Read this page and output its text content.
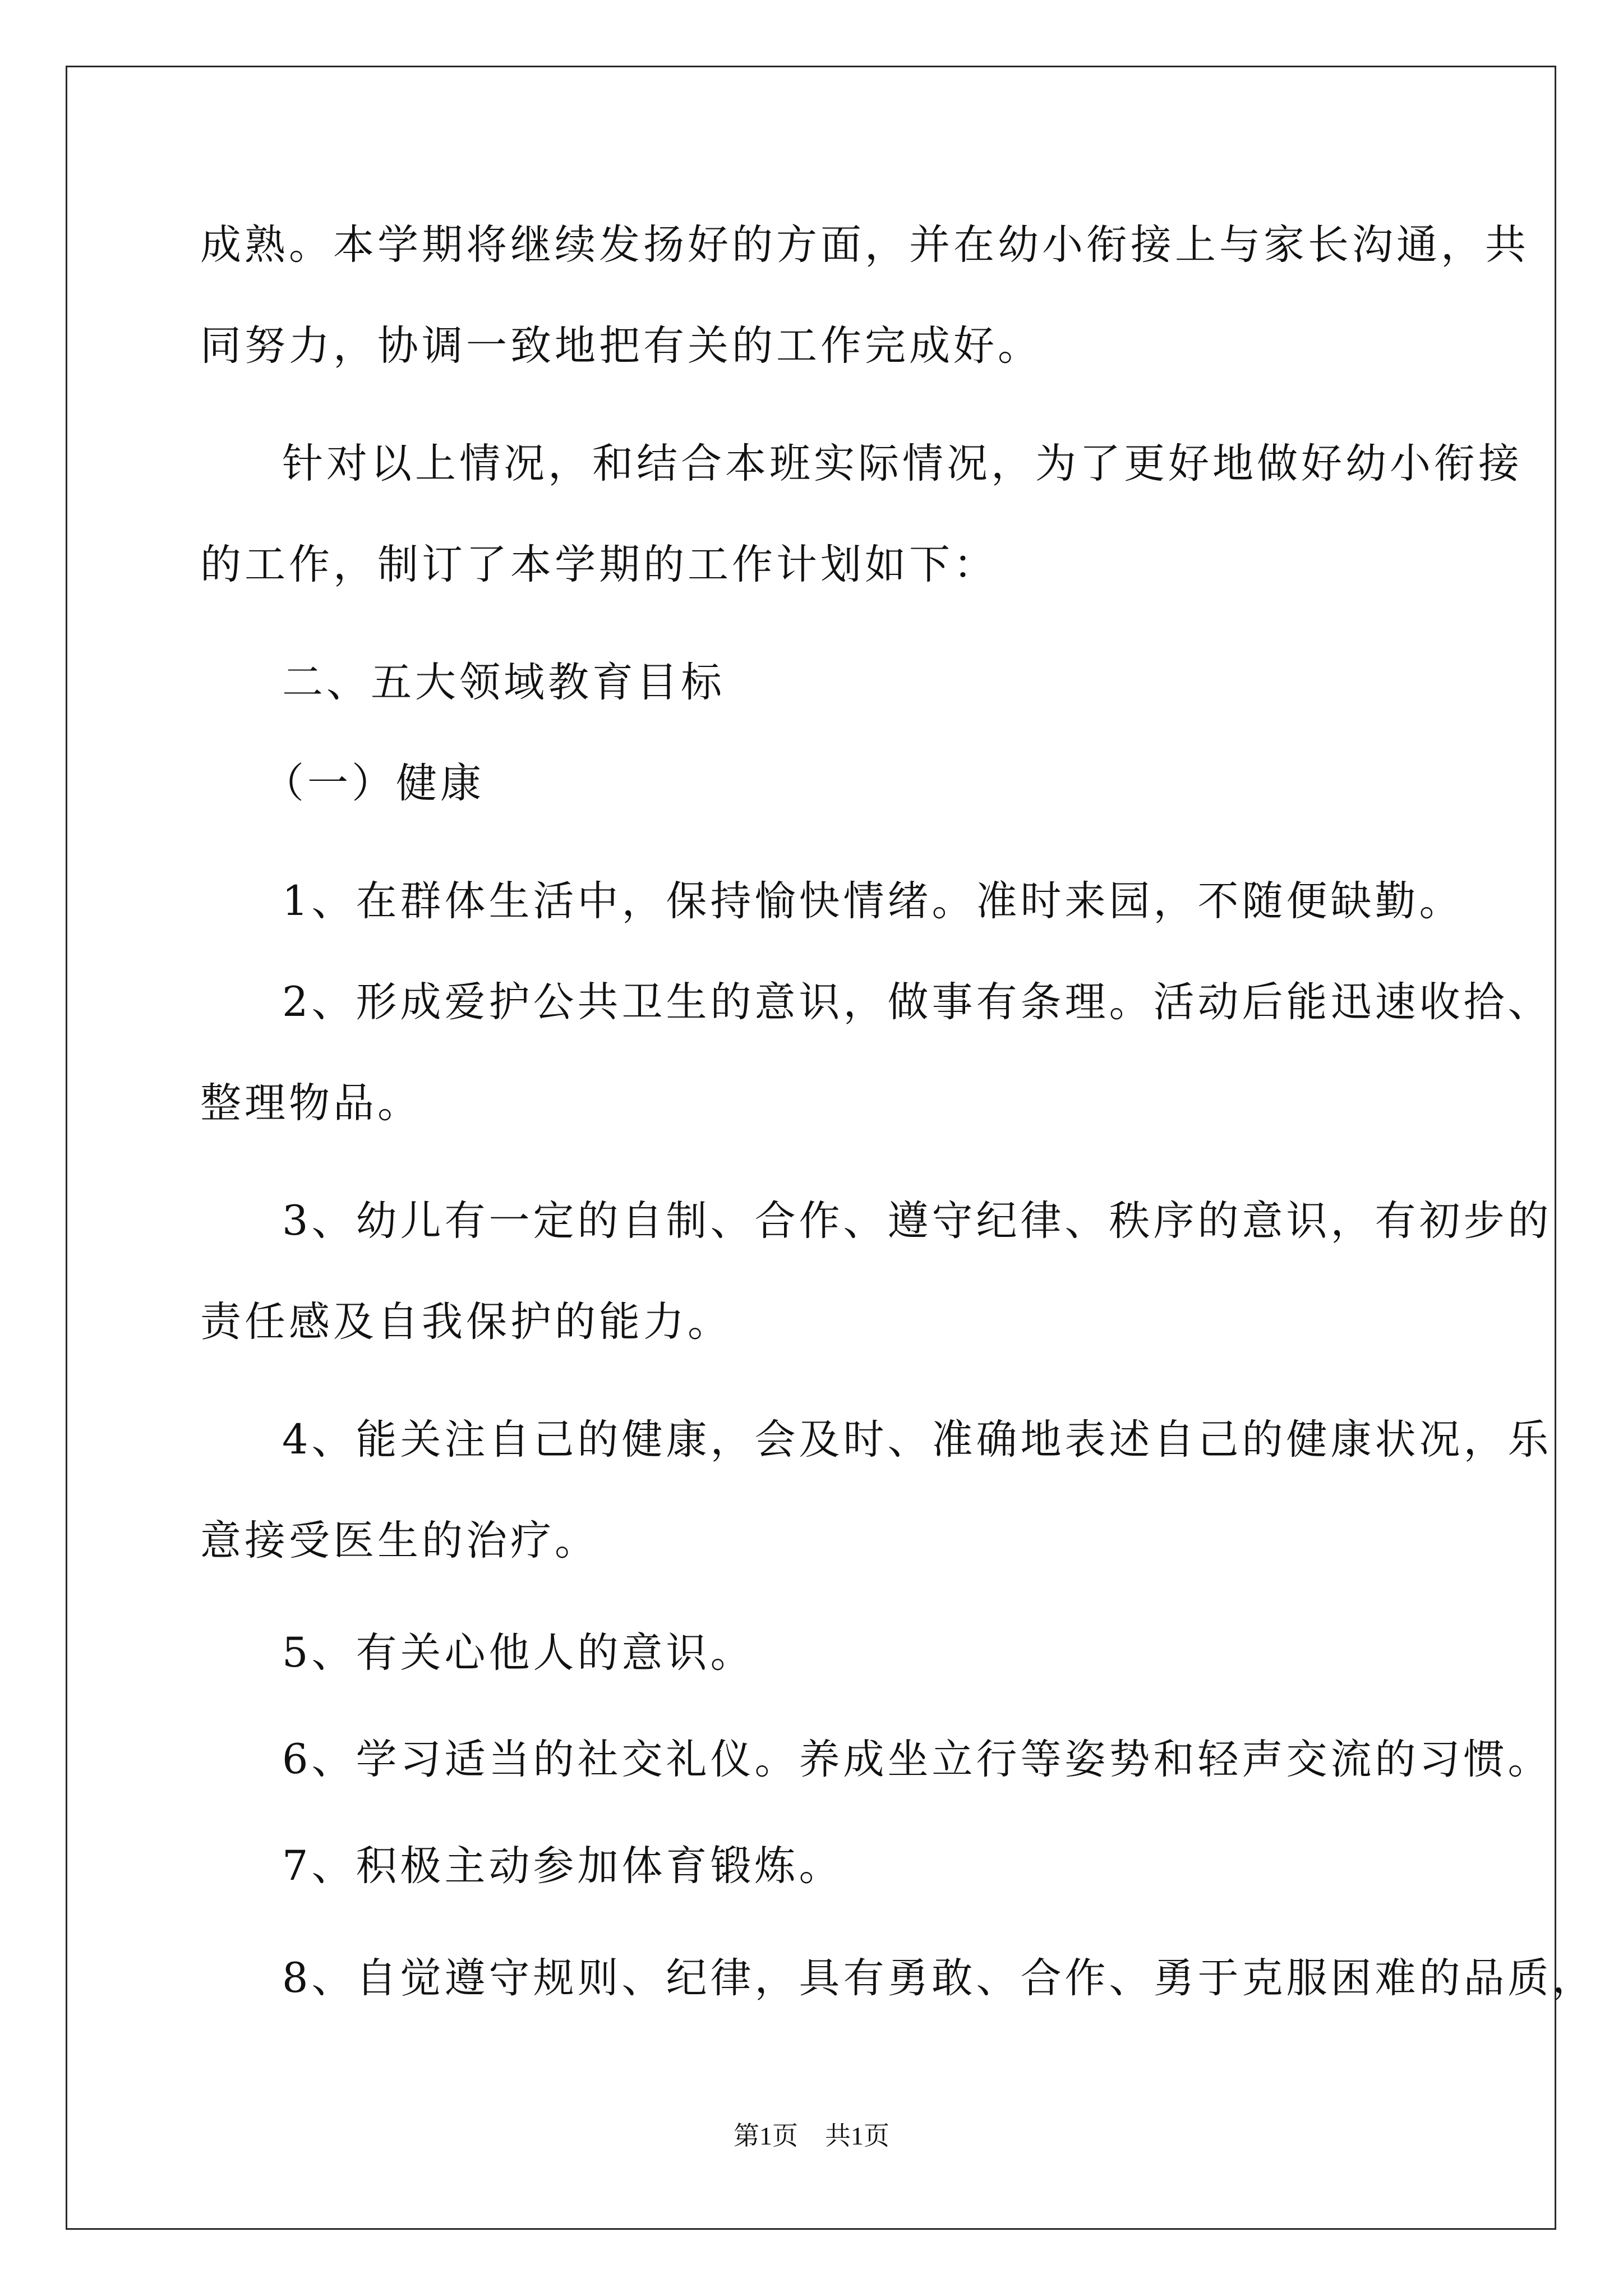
成熟。本学期将继续发扬好的方面，并在幼小衔接上与家长沟通，共
同努力，协调一致地把有关的工作完成好。
针对以上情况，和结合本班实际情况，为了更好地做好幼小衔接
的工作，制订了本学期的工作计划如下：
二、五大领域教育目标
（一）健康
1、在群体生活中，保持愉快情绪。准时来园，不随便缺勤。
2、形成爱护公共卫生的意识，做事有条理。活动后能迅速收拾、
整理物品。
3、幼儿有一定的自制、合作、遵守纪律、秩序的意识，有初步的
责任感及自我保护的能力。
4、能关注自己的健康，会及时、准确地表述自己的健康状况，乐
意接受医生的治疗。
5、有关心他人的意识。
6、学习适当的社交礼仪。养成坐立行等姿势和轻声交流的习惯。
7、积极主动参加体育锻炼。
8、自觉遵守规则、纪律，具有勇敢、合作、勇于克服困难的品质，
第1页 共1页
